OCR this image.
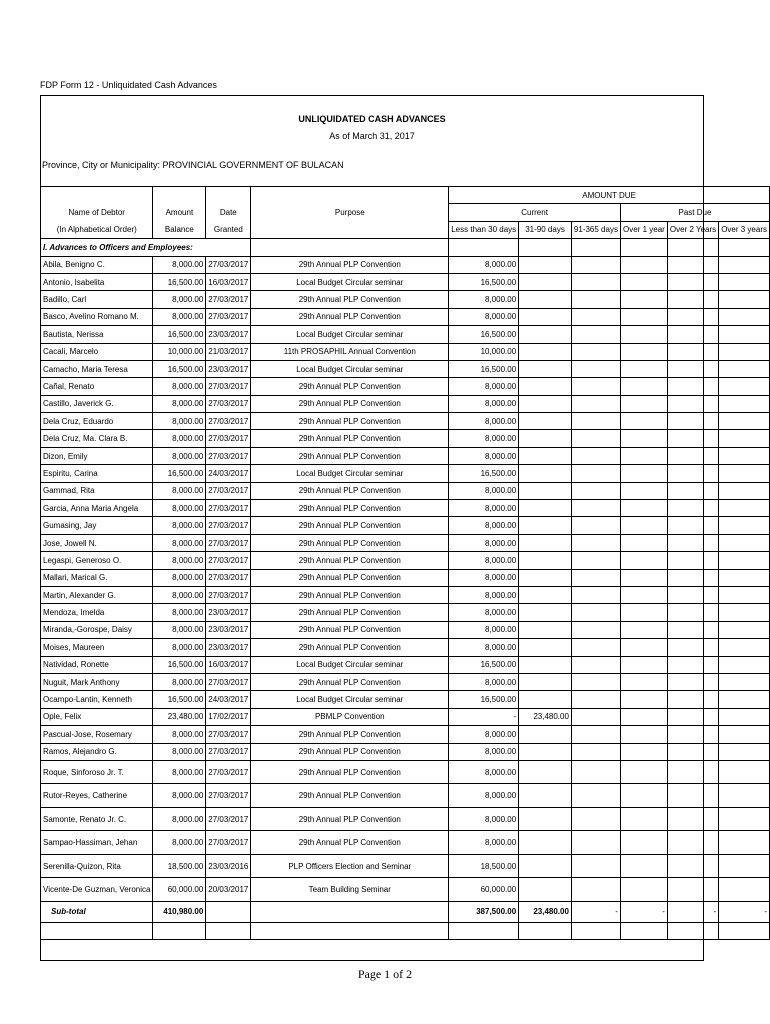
FDP Form 12 - Unliquidated Cash Advances
UNLIQUIDATED CASH ADVANCES
As of March 31, 2017
Province, City or Municipality: PROVINCIAL GOVERNMENT OF BULACAN
				AMOUNT DUE					
Name of Debtor	Amount	Date	Purpose	Current			Past Due		
(In Alphabetical Order)	Balance	Granted		Less than 30 days	31-90 days	91-365 days	Over 1 year	Over 2 Years	Over 3 years
I. Advances to Officers and Employees:									
Abila, Benigno C.	8,000.00	27/03/2017	29th Annual PLP Convention	8,000.00					
Antonio, Isabelita	16,500.00	16/03/2017	Local Budget Circular seminar	16,500.00					
Badillo, Carl	8,000.00	27/03/2017	29th Annual PLP Convention	8,000.00					
Basco, Avelino Romano M.	8,000.00	27/03/2017	29th Annual PLP Convention	8,000.00					
Bautista, Nerissa	16,500.00	23/03/2017	Local Budget Circular seminar	16,500.00					
Cacali, Marcelo	10,000.00	21/03/2017	11th PROSAPHIL Annual Convention	10,000.00					
Camacho, Maria Teresa	16,500.00	23/03/2017	Local Budget Circular seminar	16,500.00					
Cañal, Renato	8,000.00	27/03/2017	29th Annual PLP Convention	8,000.00					
Castillo, Javerick G.	8,000.00	27/03/2017	29th Annual PLP Convention	8,000.00					
Dela Cruz, Eduardo	8,000.00	27/03/2017	29th Annual PLP Convention	8,000.00					
Dela Cruz, Ma. Clara B.	8,000.00	27/03/2017	29th Annual PLP Convention	8,000.00					
Dizon, Emily	8,000.00	27/03/2017	29th Annual PLP Convention	8,000.00					
Espiritu, Carina	16,500.00	24/03/2017	Local Budget Circular seminar	16,500.00					
Gammad, Rita	8,000.00	27/03/2017	29th Annual PLP Convention	8,000.00					
Garcia, Anna Maria Angela	8,000.00	27/03/2017	29th Annual PLP Convention	8,000.00					
Gumasing, Jay	8,000.00	27/03/2017	29th Annual PLP Convention	8,000.00					
Jose, Jowell N.	8,000.00	27/03/2017	29th Annual PLP Convention	8,000.00					
Legaspi, Generoso O.	8,000.00	27/03/2017	29th Annual PLP Convention	8,000.00					
Mallari, Marical G.	8,000.00	27/03/2017	29th Annual PLP Convention	8,000.00					
Martin, Alexander G.	8,000.00	27/03/2017	29th Annual PLP Convention	8,000.00					
Mendoza, Imelda	8,000.00	23/03/2017	29th Annual PLP Convention	8,000.00					
Miranda,-Gorospe, Daisy	8,000.00	23/03/2017	29th Annual PLP Convention	8,000.00					
Moises, Maureen	8,000.00	23/03/2017	29th Annual PLP Convention	8,000.00					
Natividad, Ronette	16,500.00	16/03/2017	Local Budget Circular seminar	16,500.00					
Nuguit, Mark Anthony	8,000.00	27/03/2017	29th Annual PLP Convention	8,000.00					
Ocampo-Lantin, Kenneth	16,500.00	24/03/2017	Local Budget Circular seminar	16,500.00					
Ople, Felix	23,480.00	17/02/2017	PBMLP Convention	-	23,480.00				
Pascual-Jose, Rosemary	8,000.00	27/03/2017	29th Annual PLP Convention	8,000.00					
Ramos, Alejandro G.	8,000.00	27/03/2017	29th Annual PLP Convention	8,000.00					
Roque, Sinforoso Jr. T.	8,000.00	27/03/2017	29th Annual PLP Convention	8,000.00					
Rutor-Reyes, Catherine	8,000.00	27/03/2017	29th Annual PLP Convention	8,000.00					
Samonte, Renato Jr. C.	8,000.00	27/03/2017	29th Annual PLP Convention	8,000.00					
Sampao-Hassiman, Jehan	8,000.00	27/03/2017	29th Annual PLP Convention	8,000.00					
Serenilla-Quizon, Rita	18,500.00	23/03/2016	PLP Officers Election and Seminar	18,500.00					
Vicente-De Guzman, Veronica	60,000.00	20/03/2017	Team Building Seminar	60,000.00					
Sub-total	410,980.00			387,500.00	23,480.00	-	-	-	-

Page 1 of 2
